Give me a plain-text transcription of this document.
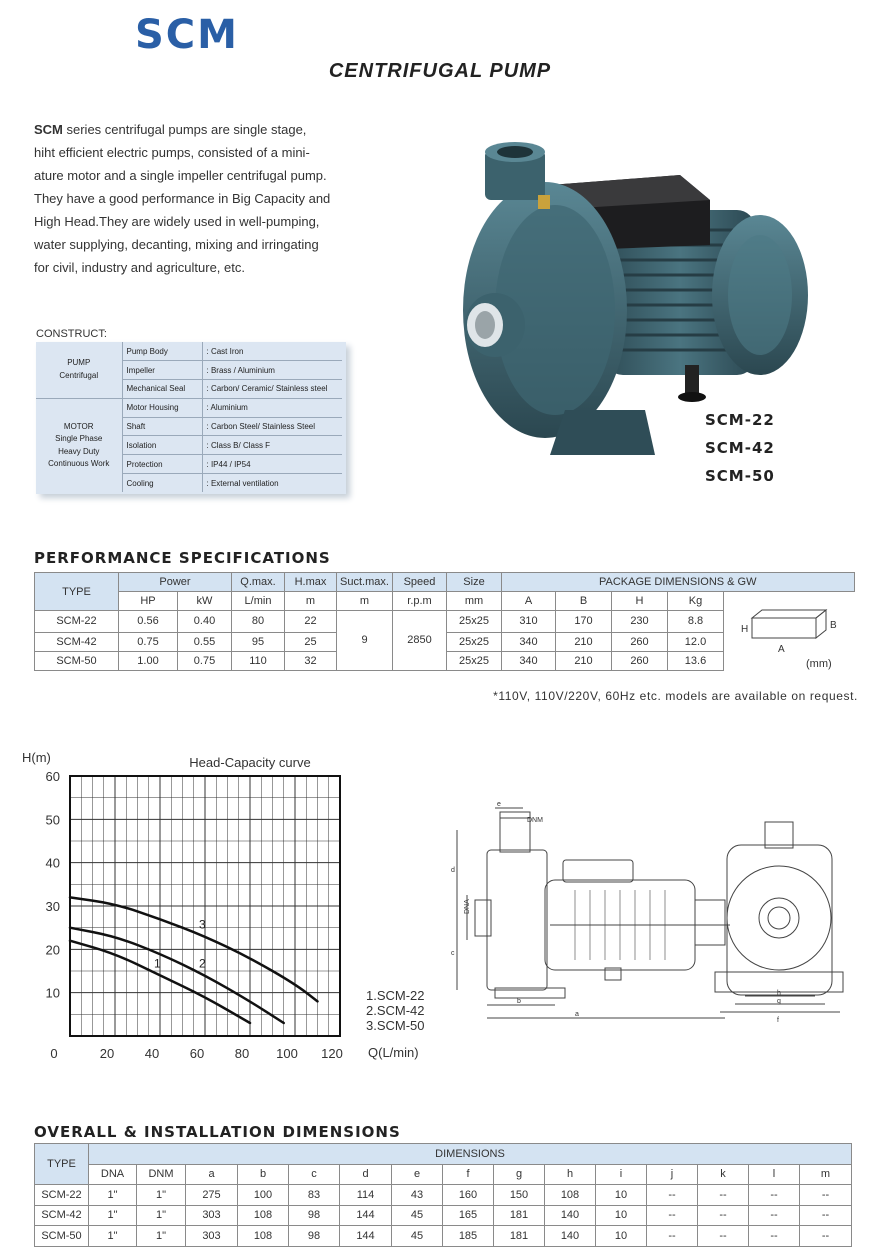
SCM
CENTRIFUGAL PUMP
SCM series centrifugal pumps are single stage,
hiht efficient electric pumps, consisted of a mini-
ature motor and a single impeller centrifugal pump.
They have a good performance in Big Capacity and
High Head.They are widely used in well-pumping,
water supplying, decanting, mixing and irringating
for civil, industry and agriculture, etc.
CONSTRUCT:
PUMP
Centrifugal	Pump Body	: Cast Iron
	Impeller	: Brass / Aluminium
	Mechanical Seal	: Carbon/ Ceramic/ Stainless steel

MOTOR
Single Phase
Heavy Duty
Continuous Work	Motor Housing	: Aluminium
	Shaft	: Carbon Steel/ Stainless Steel
	Isolation	: Class B/ Class F
	Protection	: IP44 / IP54
	Cooling	: External ventilation
SCM-22
SCM-42
SCM-50
PERFORMANCE SPECIFICATIONS
TYPE	Power		Q.max.	H.max	Suct.max.	Speed	Size	PACKAGE DIMENSIONS & GW				
	HP	kW	L/min	m	m	r.p.m	mm	A	B	H	Kg	H B
A
(mm)

SCM-22	0.56	0.40	80	22	9	2850	25x25	310	170	230	8.8	
SCM-42	0.75	0.55	95	25			25x25	340	210	260	12.0	
SCM-50	1.00	0.75	110	32			25x25	340	210	260	13.6	
*110V, 110V/220V, 60Hz etc. models are available on request.
0	20 40 60 80 100 120
10
20
30
40
50
60
1	2
3
Head-Capacity curve
H(m)
Q(L/min)
1.SCM-22
2.SCM-42
3.SCM-50
DNM
DNA
e
d
c
b
a
h
g
f
OVERALL & INSTALLATION DIMENSIONS
TYPE	DIMENSIONS														
	DNA	DNM	a	b	c	d	e	f	g	h	i	j	k	l	m
SCM-22	1"	1"	275	100	83	114	43	160	150	108	10	--	--	--	--
SCM-42	1"	1"	303	108	98	144	45	165	181	140	10	--	--	--	--
SCM-50	1"	1"	303	108	98	144	45	185	181	140	10	--	--	--	--
